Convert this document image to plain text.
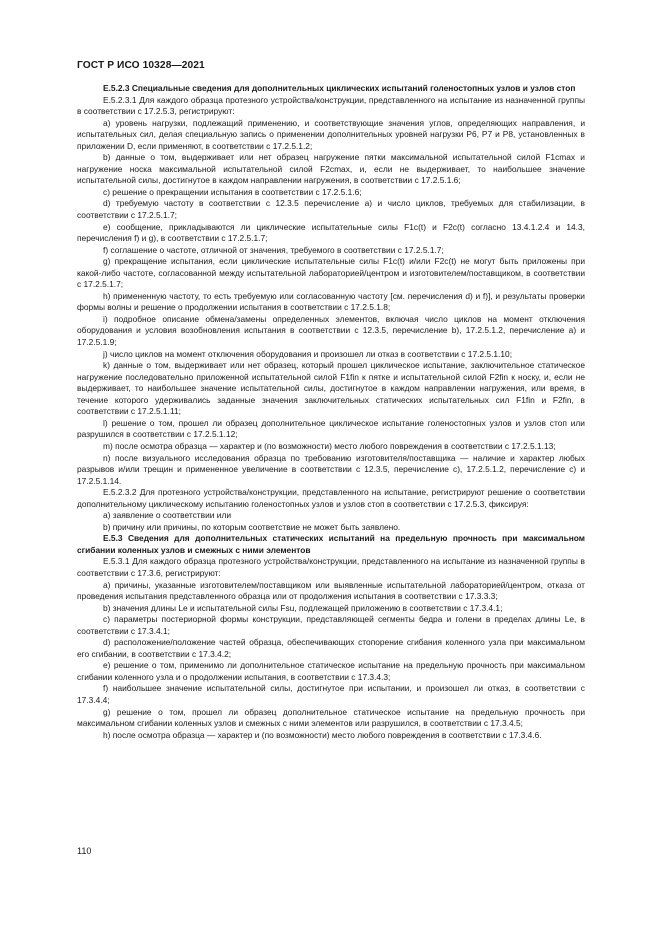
ГОСТ Р ИСО 10328—2021

Е.5.2.3 Специальные сведения для дополнительных циклических испытаний голеностопных узлов и узлов стоп

Е.5.2.3.1 Для каждого образца протезного устройства/конструкции, представленного на испытание из назначенной группы в соответствии с 17.2.5.3, регистрируют:

а) уровень нагрузки, подлежащий применению, и соответствующие значения углов, определяющих направления, и испытательных сил, делая специальную запись о применении дополнительных уровней нагрузки Р6, Р7 и Р8, установленных в приложении D, если применяют, в соответствии с 17.2.5.1.2;

b) данные о том, выдерживает или нет образец нагружение пятки максимальной испытательной силой F1cmax и нагружение носка максимальной испытательной силой F2cmax, и, если не выдерживает, то наибольшее значение испытательной силы, достигнутое в каждом направлении нагружения, в соответствии с 17.2.5.1.6;

c) решение о прекращении испытания в соответствии с 17.2.5.1.6;

d) требуемую частоту в соответствии с 12.3.5 перечисление а) и число циклов, требуемых для стабилизации, в соответствии с 17.2.5.1.7;

е) сообщение, прикладываются ли циклические испытательные силы F1c(t) и F2c(t) согласно 13.4.1.2.4 и 14.3, перечисления f) и g), в соответствии с 17.2.5.1.7;

f) соглашение о частоте, отличной от значения, требуемого в соответствии с 17.2.5.1.7;

g) прекращение испытания, если циклические испытательные силы F1c(t) и/или F2c(t) не могут быть приложены при какой-либо частоте, согласованной между испытательной лабораторией/центром и изготовителем/поставщиком, в соответствии с 17.2.5.1.7;

h) примененную частоту, то есть требуемую или согласованную частоту [см. перечисления d) и f)], и результаты проверки формы волны и решение о продолжении испытания в соответствии с 17.2.5.1.8;

i) подробное описание обмена/замены определенных элементов, включая число циклов на момент отключения оборудования и условия возобновления испытания в соответствии с 12.3.5, перечисление b), 17.2.5.1.2, перечисление а) и 17.2.5.1.9;

j) число циклов на момент отключения оборудования и произошел ли отказ в соответствии с 17.2.5.1.10;

k) данные о том, выдерживает или нет образец, который прошел циклическое испытание, заключительное статическое нагружение последовательно приложенной испытательной силой F1fin к пятке и испытательной силой F2fin к носку, и, если не выдерживает, то наибольшее значение испытательной силы, достигнутое в каждом направлении нагружения, или время, в течение которого удерживались заданные значения заключительных статических испытательных сил F1fin и F2fin, в соответствии с 17.2.5.1.11;

l) решение о том, прошел ли образец дополнительное циклическое испытание голеностопных узлов и узлов стоп или разрушился в соответствии с 17.2.5.1.12;

m) после осмотра образца — характер и (по возможности) место любого повреждения в соответствии с 17.2.5.1.13;

n) после визуального исследования образца по требованию изготовителя/поставщика — наличие и характер любых разрывов и/или трещин и примененное увеличение в соответствии с 12.3.5, перечисление с), 17.2.5.1.2, перечисление с) и 17.2.5.1.14.

Е.5.2.3.2 Для протезного устройства/конструкции, представленного на испытание, регистрируют решение о соответствии дополнительному циклическому испытанию голеностопных узлов и узлов стоп в соответствии с 17.2.5.3, фиксируя:

а) заявление о соответствии или

b) причину или причины, по которым соответствие не может быть заявлено.

Е.5.3 Сведения для дополнительных статических испытаний на предельную прочность при максимальном сгибании коленных узлов и смежных с ними элементов

Е.5.3.1 Для каждого образца протезного устройства/конструкции, представленного на испытание из назначенной группы в соответствии с 17.3.6, регистрируют:

а) причины, указанные изготовителем/поставщиком или выявленные испытательной лабораторией/центром, отказа от проведения испытания представленного образца или от продолжения испытания в соответствии с 17.3.3.3;

b) значения длины Le и испытательной силы Fsu, подлежащей приложению в соответствии с 17.3.4.1;

c) параметры постериорной формы конструкции, представляющей сегменты бедра и голени в пределах длины Le, в соответствии с 17.3.4.1;

d) расположение/положение частей образца, обеспечивающих стопорение сгибания коленного узла при максимальном его сгибании, в соответствии с 17.3.4.2;

е) решение о том, применимо ли дополнительное статическое испытание на предельную прочность при максимальном сгибании коленного узла и о продолжении испытания, в соответствии с 17.3.4.3;

f) наибольшее значение испытательной силы, достигнутое при испытании, и произошел ли отказ, в соответствии с 17.3.4.4;

g) решение о том, прошел ли образец дополнительное статическое испытание на предельную прочность при максимальном сгибании коленных узлов и смежных с ними элементов или разрушился, в соответствии с 17.3.4.5;

h) после осмотра образца — характер и (по возможности) место любого повреждения в соответствии с 17.3.4.6.

110
